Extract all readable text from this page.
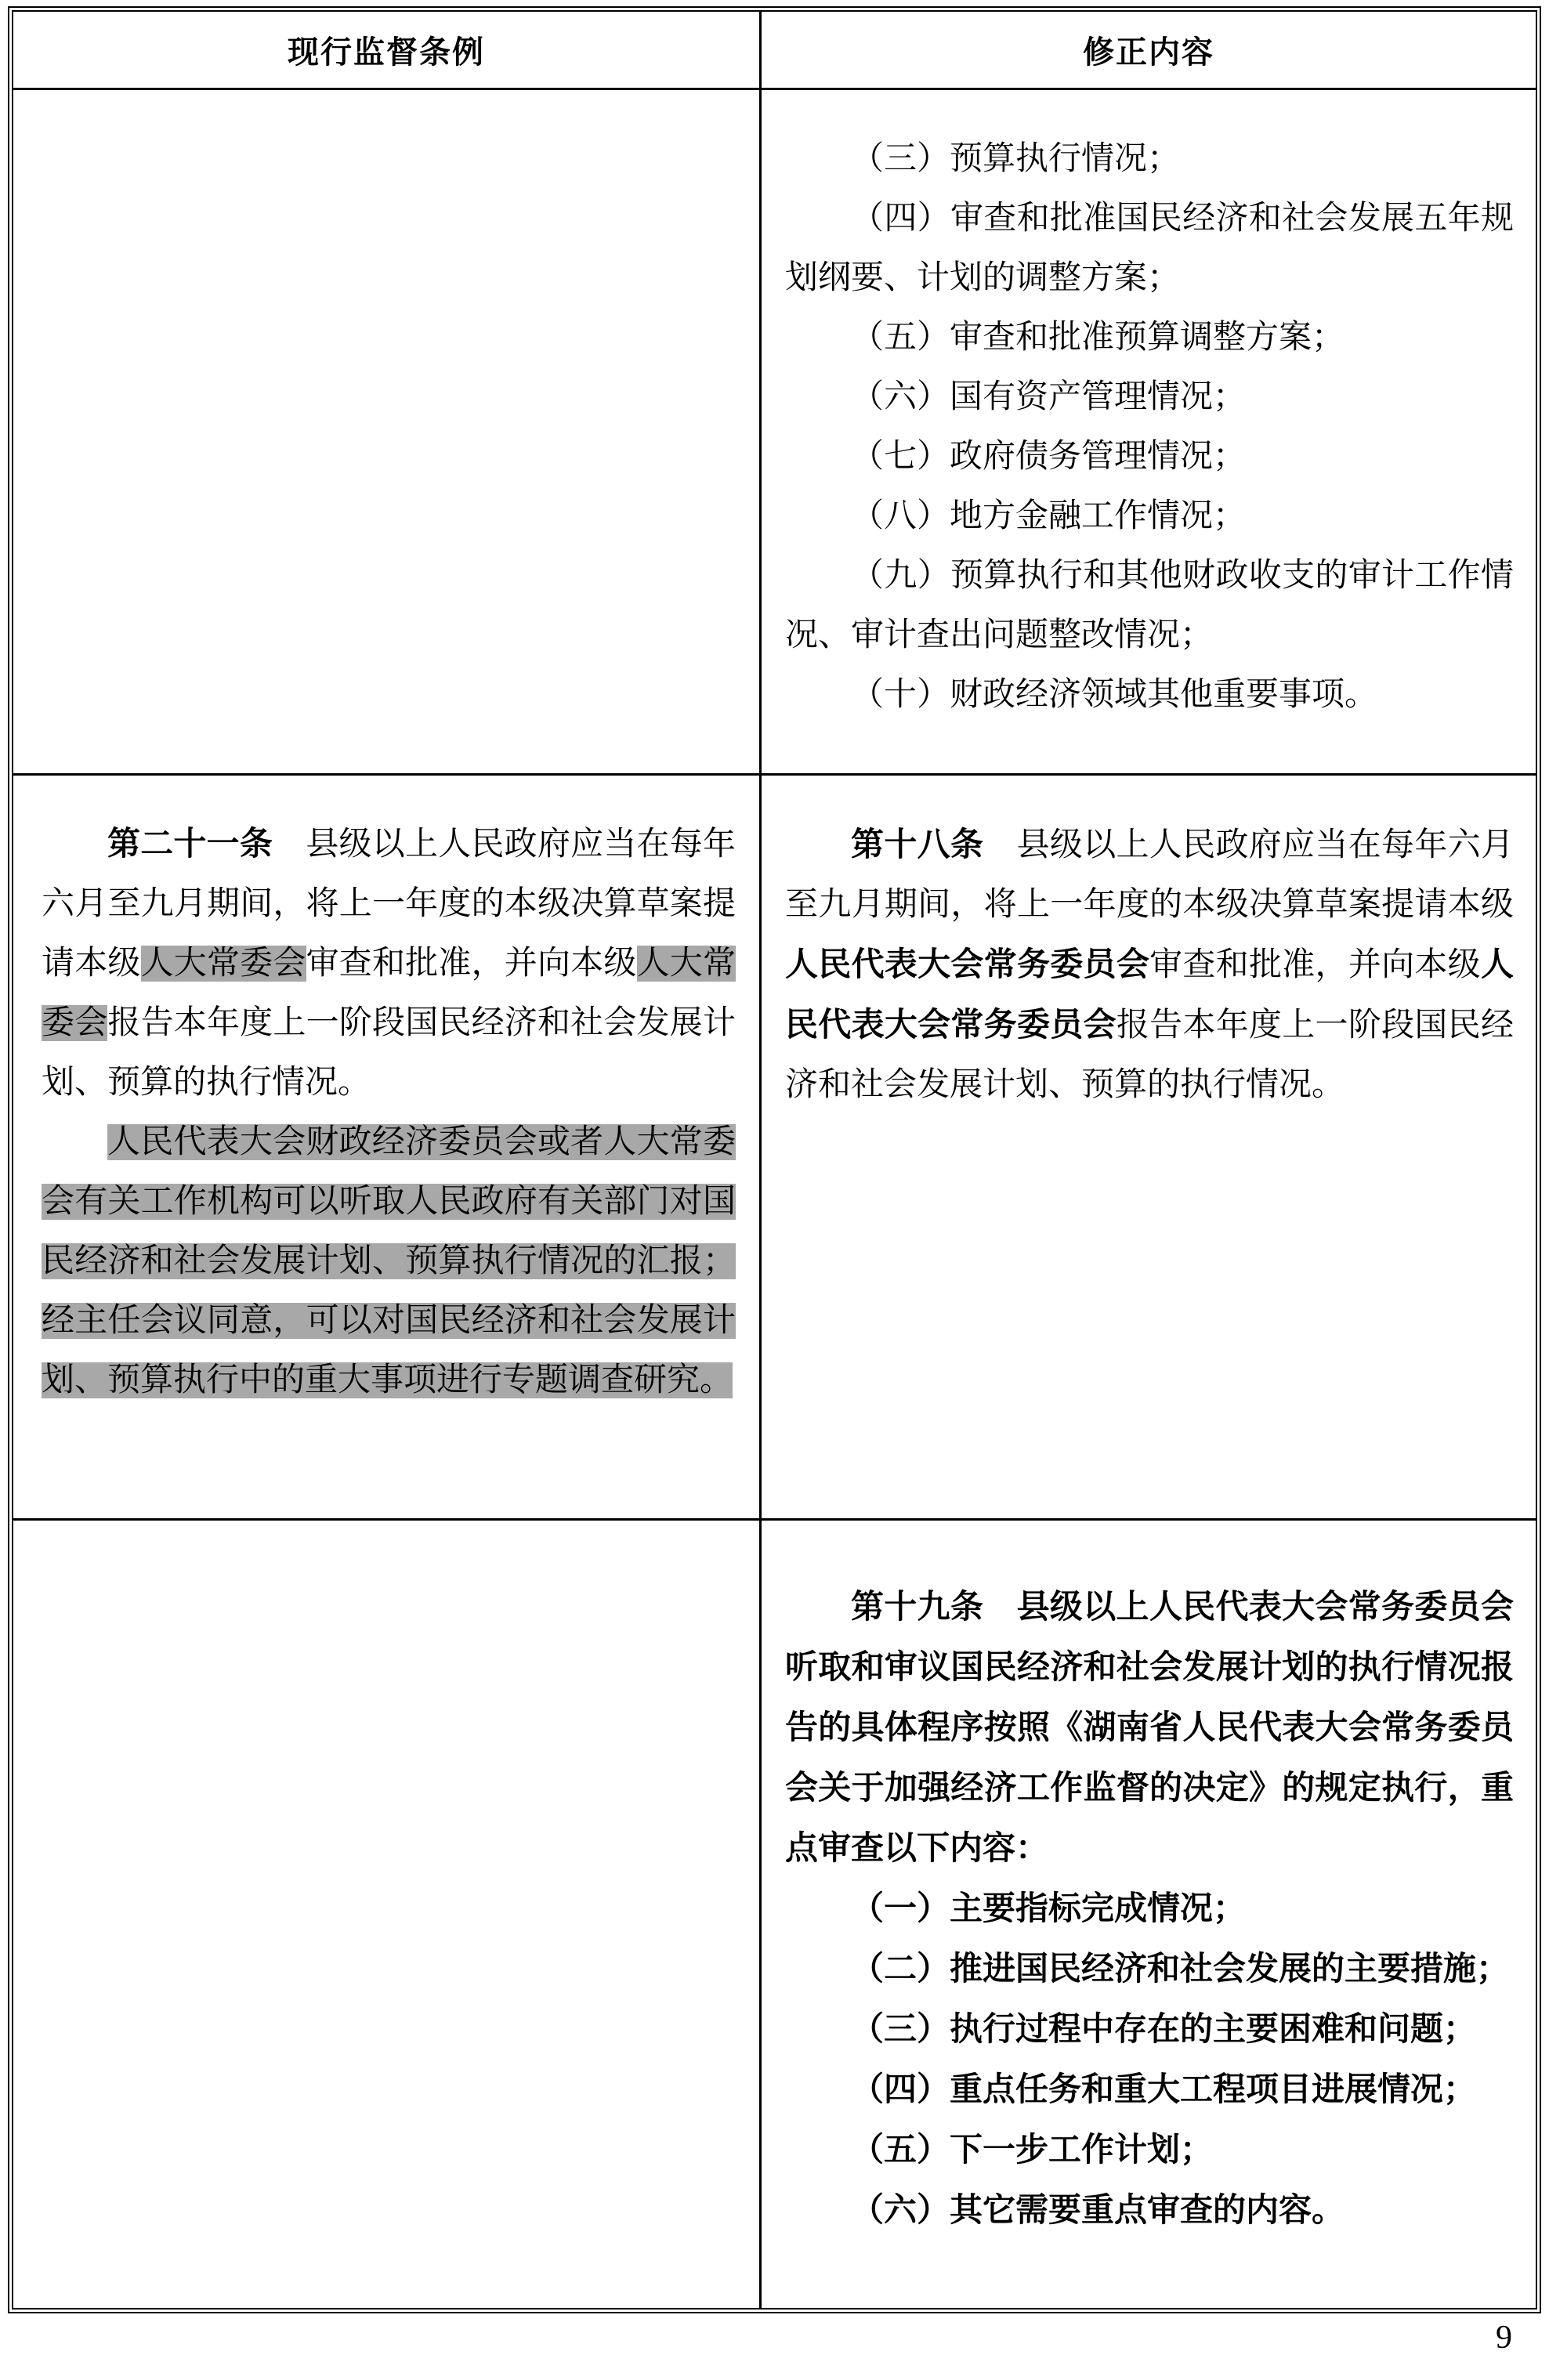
现行监督条例	修正内容

（三）预算执行情况；

（四）审查和批准国民经济和社会发展五年规划纲要、计划的调整方案；

（五）审查和批准预算调整方案；

（六）国有资产管理情况；

（七）政府债务管理情况；

（八）地方金融工作情况；

（九）预算执行和其他财政收支的审计工作情况、审计查出问题整改情况；

（十）财政经济领域其他重要事项。

第二十一条　县级以上人民政府应当在每年六月至九月期间，将上一年度的本级决算草案提请本级人大常委会审查和批准，并向本级人大常委会报告本年度上一阶段国民经济和社会发展计划、预算的执行情况。

人民代表大会财政经济委员会或者人大常委会有关工作机构可以听取人民政府有关部门对国民经济和社会发展计划、预算执行情况的汇报；经主任会议同意，可以对国民经济和社会发展计划、预算执行中的重大事项进行专题调查研究。

第十八条　县级以上人民政府应当在每年六月至九月期间，将上一年度的本级决算草案提请本级人民代表大会常务委员会审查和批准，并向本级人民代表大会常务委员会报告本年度上一阶段国民经济和社会发展计划、预算的执行情况。

第十九条　县级以上人民代表大会常务委员会听取和审议国民经济和社会发展计划的执行情况报告的具体程序按照《湖南省人民代表大会常务委员会关于加强经济工作监督的决定》的规定执行，重点审查以下内容：

（一）主要指标完成情况；

（二）推进国民经济和社会发展的主要措施；

（三）执行过程中存在的主要困难和问题；

（四）重点任务和重大工程项目进展情况；

（五）下一步工作计划；

（六）其它需要重点审查的内容。

9
